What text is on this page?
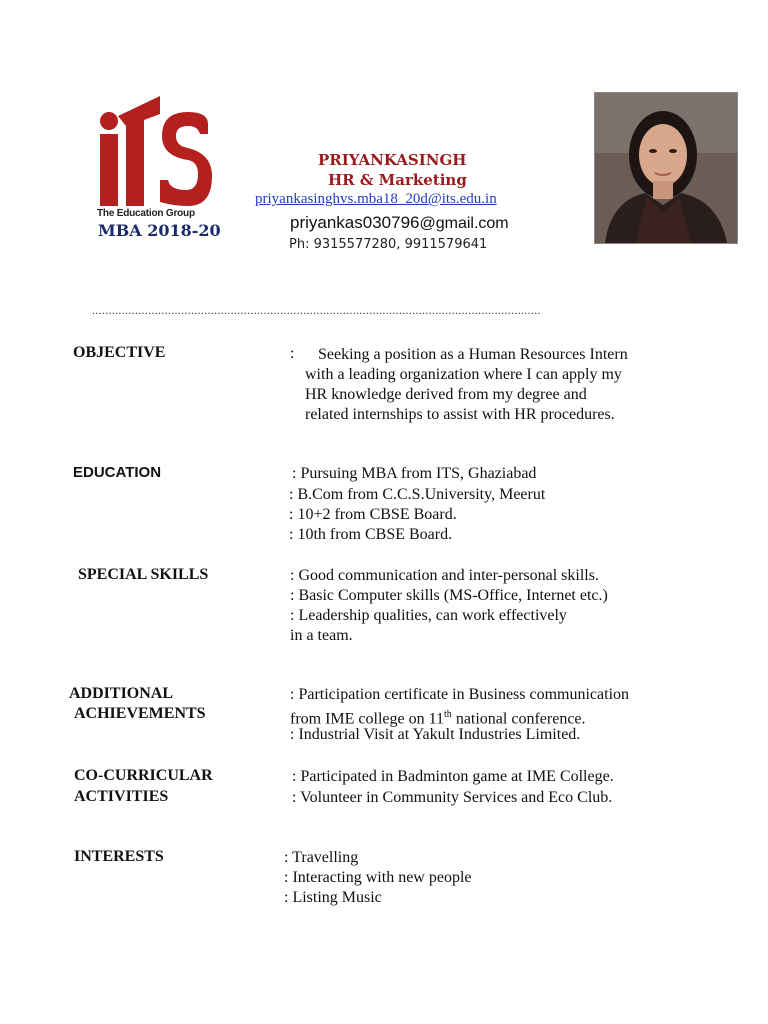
The Education Group
MBA 2018-20
PRIYANKASINGH
HR & Marketing
priyankasinghvs.mba18_20d@its.edu.in
priyankas030796@gmail.com
Ph: 9315577280, 9911579641
........................................................................................................................................
OBJECTIVE	: Seeking a position as a Human Resources Intern
with a leading organization where I can apply my
HR knowledge derived from my degree and
related internships to assist with HR procedures.
EDUCATION	: Pursuing MBA from ITS, Ghaziabad
: B.Com from C.C.S.University, Meerut
: 10+2 from CBSE Board.
: 10th from CBSE Board.
SPECIAL SKILLS	: Good communication and inter-personal skills.
: Basic Computer skills (MS-Office, Internet etc.)
: Leadership qualities, can work effectively
in a team.
ADDITIONAL
ACHIEVEMENTS
: Participation certificate in Business communication
from IME college on 11th national conference.
: Industrial Visit at Yakult Industries Limited.
CO-CURRICULAR
ACTIVITIES
: Participated in Badminton game at IME College.
: Volunteer in Community Services and Eco Club.
INTERESTS	: Travelling
: Interacting with new people
: Listing Music
